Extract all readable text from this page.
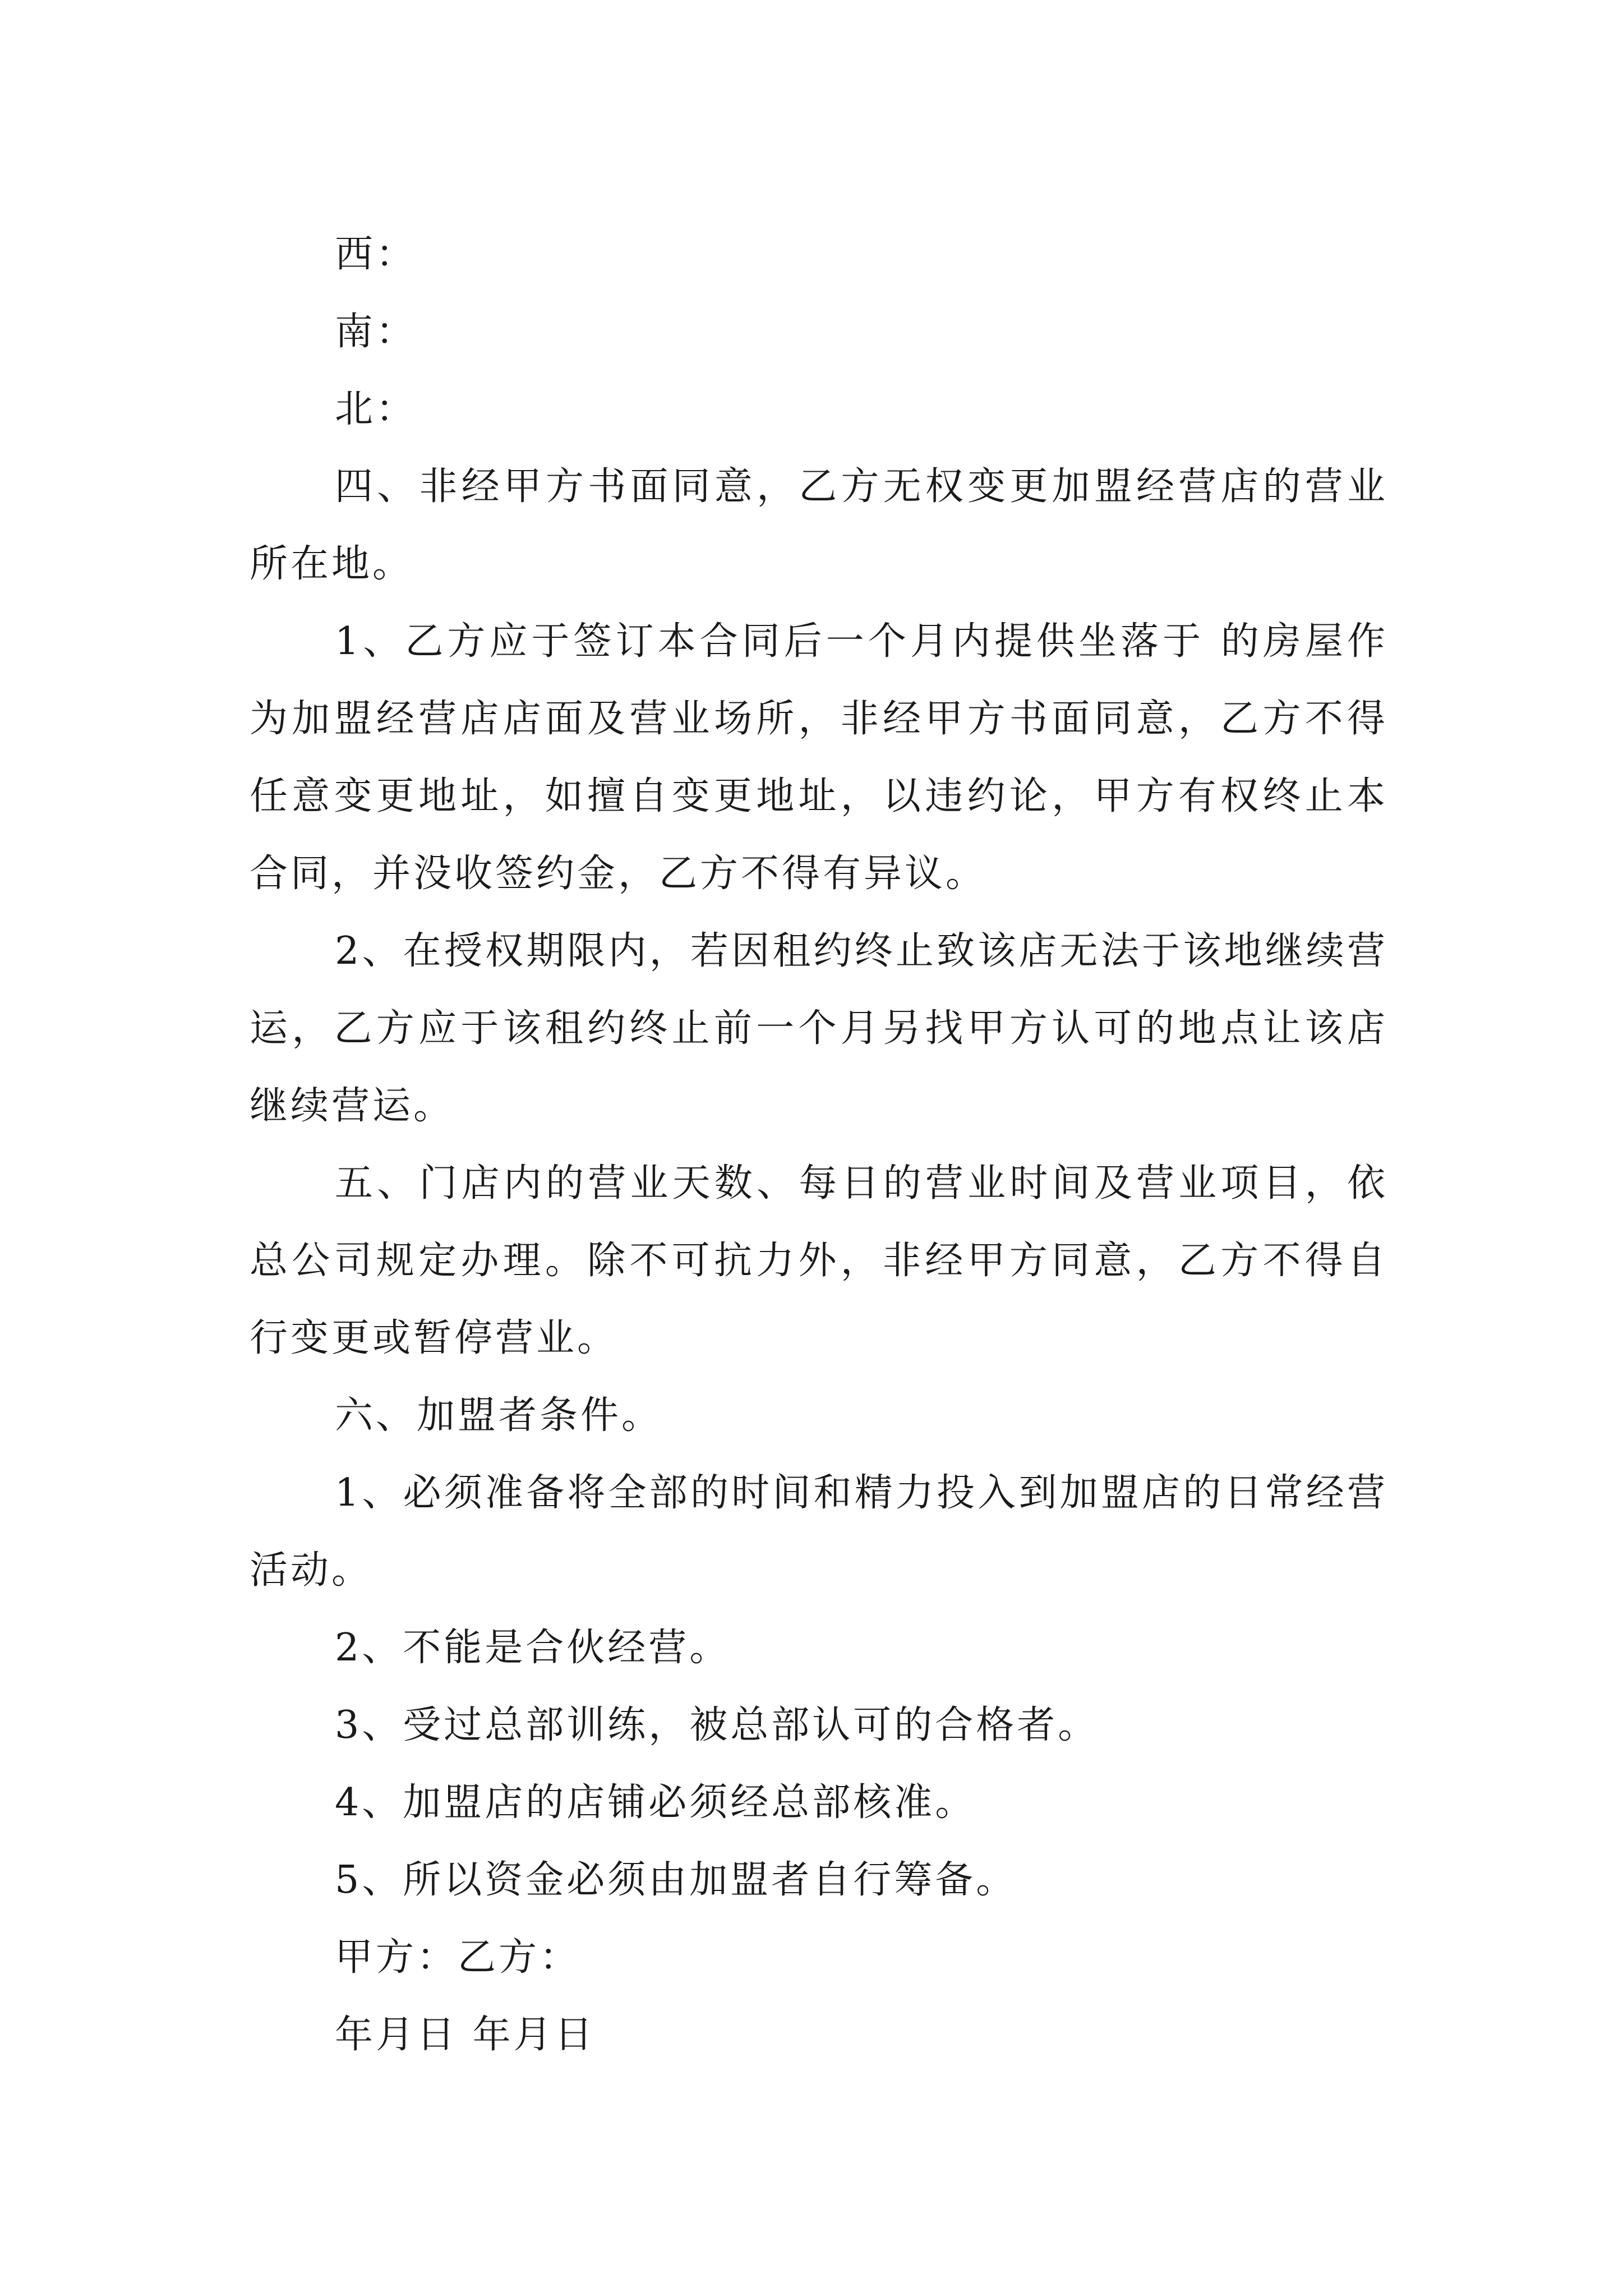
西：

南：

北：

四、非经甲方书面同意，乙方无权变更加盟经营店的营业所在地。

1、乙方应于签订本合同后一个月内提供坐落于 的房屋作为加盟经营店店面及营业场所，非经甲方书面同意，乙方不得任意变更地址，如擅自变更地址，以违约论，甲方有权终止本合同，并没收签约金，乙方不得有异议。

2、在授权期限内，若因租约终止致该店无法于该地继续营运，乙方应于该租约终止前一个月另找甲方认可的地点让该店继续营运。

五、门店内的营业天数、每日的营业时间及营业项目，依总公司规定办理。除不可抗力外，非经甲方同意，乙方不得自行变更或暂停营业。

六、加盟者条件。

1、必须准备将全部的时间和精力投入到加盟店的日常经营活动。

2、不能是合伙经营。

3、受过总部训练，被总部认可的合格者。

4、加盟店的店铺必须经总部核准。

5、所以资金必须由加盟者自行筹备。

甲方：乙方：

年月日 年月日
